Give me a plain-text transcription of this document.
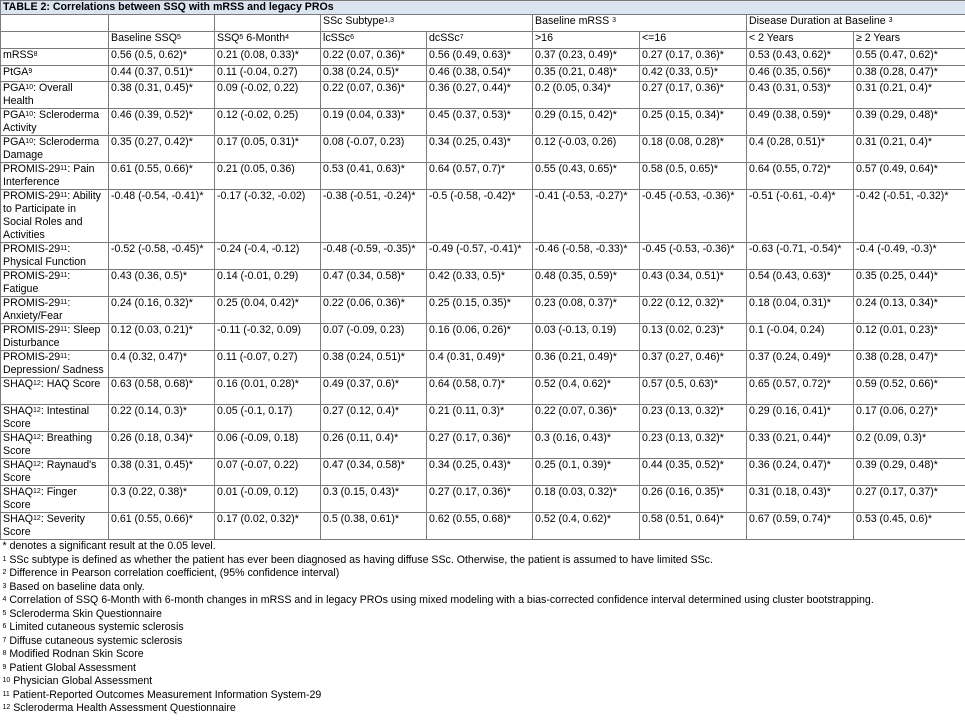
TABLE 2: Correlations between SSQ with mRSS and legacy PROs								
			SSc Subtype$^{1,3}$		Baseline mRSS $^3$		Disease Duration at Baseline $^3$
	Baseline SSQ$^5$	SSQ$^5$ 6-Month$^4$	lcSSc$^6$	dcSSc$^7$	>16	<=16	< 2 Years	≥ 2 Years
mRSS$^8$	0.56 (0.5, 0.62)*	0.21 (0.08, 0.33)*	0.22 (0.07, 0.36)*	0.56 (0.49, 0.63)*	0.37 (0.23, 0.49)*	0.27 (0.17, 0.36)*	0.53 (0.43, 0.62)*	0.55 (0.47, 0.62)*
PtGA$^9$	0.44 (0.37, 0.51)*	0.11 (-0.04, 0.27)	0.38 (0.24, 0.5)*	0.46 (0.38, 0.54)*	0.35 (0.21, 0.48)*	0.42 (0.33, 0.5)*	0.46 (0.35, 0.56)*	0.38 (0.28, 0.47)*
PGA$^{10}$: Overall Health	0.38 (0.31, 0.45)*	0.09 (-0.02, 0.22)	0.22 (0.07, 0.36)*	0.36 (0.27, 0.44)*	0.2 (0.05, 0.34)*	0.27 (0.17, 0.36)*	0.43 (0.31, 0.53)*	0.31 (0.21, 0.4)*
PGA$^{10}$: Scleroderma Activity	0.46 (0.39, 0.52)*	0.12 (-0.02, 0.25)	0.19 (0.04, 0.33)*	0.45 (0.37, 0.53)*	0.29 (0.15, 0.42)*	0.25 (0.15, 0.34)*	0.49 (0.38, 0.59)*	0.39 (0.29, 0.48)*
PGA$^{10}$: Scleroderma Damage	0.35 (0.27, 0.42)*	0.17 (0.05, 0.31)*	0.08 (-0.07, 0.23)	0.34 (0.25, 0.43)*	0.12 (-0.03, 0.26)	0.18 (0.08, 0.28)*	0.4 (0.28, 0.51)*	0.31 (0.21, 0.4)*
PROMIS-$29^{11}$: Pain Interference	0.61 (0.55, 0.66)*	0.21 (0.05, 0.36)	0.53 (0.41, 0.63)*	0.64 (0.57, 0.7)*	0.55 (0.43, 0.65)*	0.58 (0.5, 0.65)*	0.64 (0.55, 0.72)*	0.57 (0.49, 0.64)*
PROMIS-$29^{11}$: Ability to Participate in Social Roles and Activities	-0.48 (-0.54, -0.41)*	-0.17 (-0.32, -0.02)	-0.38 (-0.51, -0.24)*	-0.5 (-0.58, -0.42)*	-0.41 (-0.53, -0.27)*	-0.45 (-0.53, -0.36)*	-0.51 (-0.61, -0.4)*	-0.42 (-0.51, -0.32)*
PROMIS-$29^{11}$: Physical Function	-0.52 (-0.58, -0.45)*	-0.24 (-0.4, -0.12)	-0.48 (-0.59, -0.35)*	-0.49 (-0.57, -0.41)*	-0.46 (-0.58, -0.33)*	-0.45 (-0.53, -0.36)*	-0.63 (-0.71, -0.54)*	-0.4 (-0.49, -0.3)*
PROMIS-$29^{11}$: Fatigue	0.43 (0.36, 0.5)*	0.14 (-0.01, 0.29)	0.47 (0.34, 0.58)*	0.42 (0.33, 0.5)*	0.48 (0.35, 0.59)*	0.43 (0.34, 0.51)*	0.54 (0.43, 0.63)*	0.35 (0.25, 0.44)*
PROMIS-$29^{11}$: Anxiety/Fear	0.24 (0.16, 0.32)*	0.25 (0.04, 0.42)*	0.22 (0.06, 0.36)*	0.25 (0.15, 0.35)*	0.23 (0.08, 0.37)*	0.22 (0.12, 0.32)*	0.18 (0.04, 0.31)*	0.24 (0.13, 0.34)*
PROMIS-$29^{11}$: Sleep Disturbance	0.12 (0.03, 0.21)*	-0.11 (-0.32, 0.09)	0.07 (-0.09, 0.23)	0.16 (0.06, 0.26)*	0.03 (-0.13, 0.19)	0.13 (0.02, 0.23)*	0.1 (-0.04, 0.24)	0.12 (0.01, 0.23)*
PROMIS-$29^{11}$: Depression/ Sadness	0.4 (0.32, 0.47)*	0.11 (-0.07, 0.27)	0.38 (0.24, 0.51)*	0.4 (0.31, 0.49)*	0.36 (0.21, 0.49)*	0.37 (0.27, 0.46)*	0.37 (0.24, 0.49)*	0.38 (0.28, 0.47)*
SHAQ$^{12}$: HAQ Score	0.63 (0.58, 0.68)*	0.16 (0.01, 0.28)*	0.49 (0.37, 0.6)*	0.64 (0.58, 0.7)*	0.52 (0.4, 0.62)*	0.57 (0.5, 0.63)*	0.65 (0.57, 0.72)*	0.59 (0.52, 0.66)*
SHAQ$^{12}$: Intestinal Score	0.22 (0.14, 0.3)*	0.05 (-0.1, 0.17)	0.27 (0.12, 0.4)*	0.21 (0.11, 0.3)*	0.22 (0.07, 0.36)*	0.23 (0.13, 0.32)*	0.29 (0.16, 0.41)*	0.17 (0.06, 0.27)*
SHAQ$^{12}$: Breathing Score	0.26 (0.18, 0.34)*	0.06 (-0.09, 0.18)	0.26 (0.11, 0.4)*	0.27 (0.17, 0.36)*	0.3 (0.16, 0.43)*	0.23 (0.13, 0.32)*	0.33 (0.21, 0.44)*	0.2 (0.09, 0.3)*
SHAQ$^{12}$: Raynaud's Score	0.38 (0.31, 0.45)*	0.07 (-0.07, 0.22)	0.47 (0.34, 0.58)*	0.34 (0.25, 0.43)*	0.25 (0.1, 0.39)*	0.44 (0.35, 0.52)*	0.36 (0.24, 0.47)*	0.39 (0.29, 0.48)*
SHAQ$^{12}$: Finger Score	0.3 (0.22, 0.38)*	0.01 (-0.09, 0.12)	0.3 (0.15, 0.43)*	0.27 (0.17, 0.36)*	0.18 (0.03, 0.32)*	0.26 (0.16, 0.35)*	0.31 (0.18, 0.43)*	0.27 (0.17, 0.37)*
SHAQ$^{12}$: Severity Score	0.61 (0.55, 0.66)*	0.17 (0.02, 0.32)*	0.5 (0.38, 0.61)*	0.62 (0.55, 0.68)*	0.52 (0.4, 0.62)*	0.58 (0.51, 0.64)*	0.67 (0.59, 0.74)*	0.53 (0.45, 0.6)*
* denotes a significant result at the 0.05 level.								
$^1$ SSc subtype is defined as whether the patient has ever been diagnosed as having diffuse SSc. Otherwise, the patient is assumed to have limited SSc.								
$^2$ Difference in Pearson correlation coefficient, (95% confidence interval)								
$^3$ Based on baseline data only.								
$^4$ Correlation of SSQ 6-Month with 6-month changes in mRSS and in legacy PROs using mixed modeling with a bias-corrected confidence interval determined using cluster bootstrapping.								
$^5$ Scleroderma Skin Questionnaire								
$^6$ Limited cutaneous systemic sclerosis								
$^7$ Diffuse cutaneous systemic sclerosis								
$^8$ Modified Rodnan Skin Score								
$^9$ Patient Global Assessment								
$^{10}$ Physician Global Assessment								
$^{11}$ Patient-Reported Outcomes Measurement Information System-29								
$^{12}$ Scleroderma Health Assessment Questionnaire								
